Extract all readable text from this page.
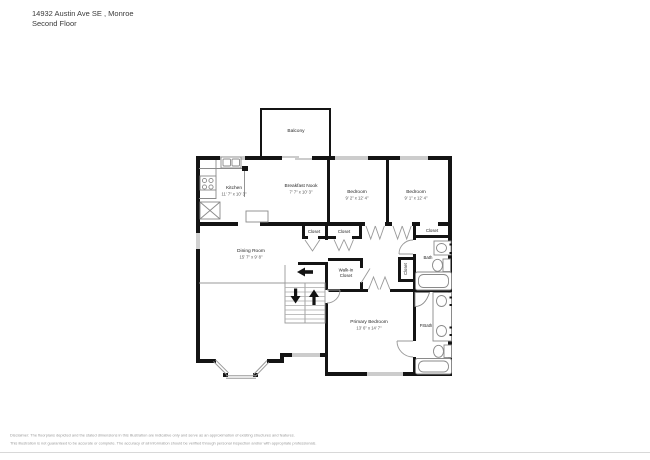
14932 Austin Ave SE , Monroe
Second Floor
Balcony
Kitchen
11' 7" x 10' 3"
Breakfast Nook
7' 7" x 10' 3"	Bedroom
9' 2" x 12' 4"
Bedroom
9' 1" x 12' 4"
Dining Room
15' 7" x 9' 8"
Closet	Closet	Closet
Walk-In Closet
Closet
Bath
P.Bath
Primary Bedroom
13' 6" x 14' 7"
Disclaimer: The floorplans depicted and the stated dimensions in this illustration are indicative only and serve as an approximation of existing structures and features.
This illustration is not guaranteed to be accurate or complete. The accuracy of all information should be verified through personal inspection and/or with appropriate professionals.
